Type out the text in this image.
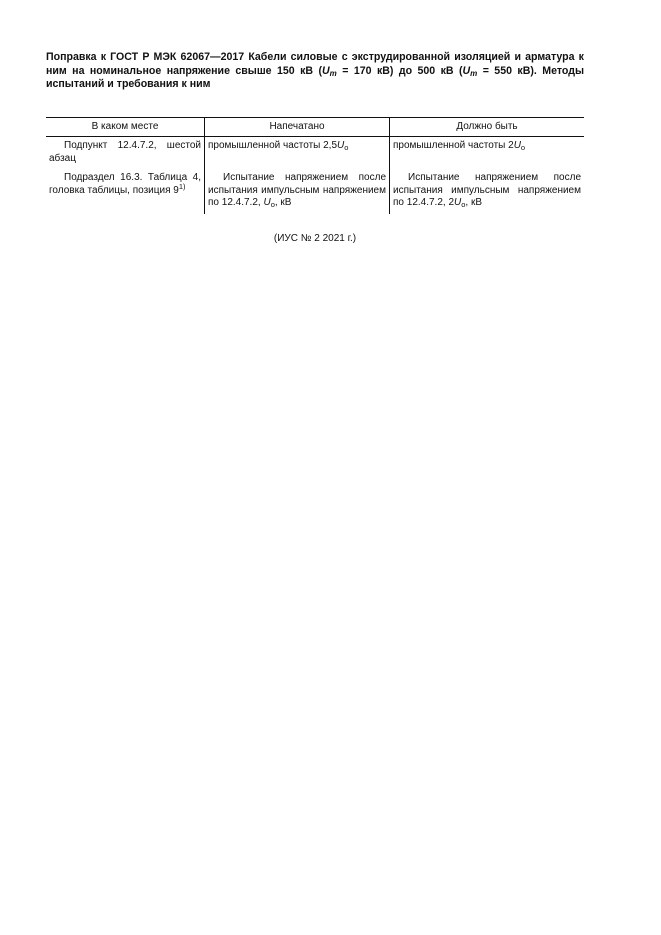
Поправка к ГОСТ Р МЭК 62067—2017 Кабели силовые с экструдированной изоляцией и арматура к ним на номинальное напряжение свыше 150 кВ ($U_m = 170$ кВ) до 500 кВ ($U_m = 550$ кВ). Методы испытаний и требования к ним
В каком месте	Напечатано	Должно быть
Подпункт 12.4.7.2, шестой абзац	промышленной частоты $2,5U_o$	промышленной частоты $2U_o$
Подраздел 16.3. Таблица 4, головка таблицы, позиция 9$^{1)}$	Испытание напряжением после испытания импульсным напряжением по 12.4.7.2, $U_o$, кВ	Испытание напряжением после испытания импульсным напряжением по 12.4.7.2, $2U_o$, кВ
(ИУС № 2 2021 г.)
